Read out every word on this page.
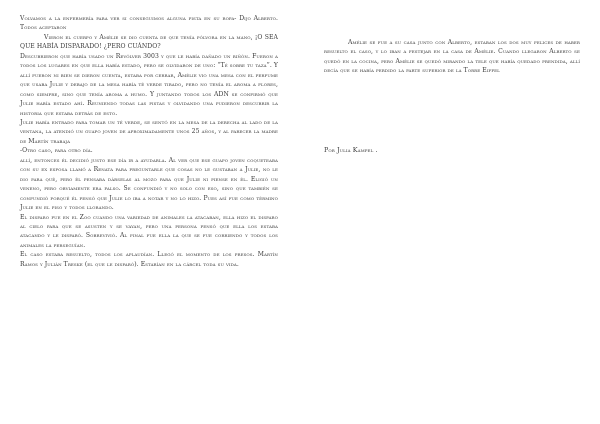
Volvamos a la enfermería para ver si conseguimos alguna pista en su ropa- Dijo Alberto. Todos aceptaron

Vieron el cuerpo y Amélie se dio cuenta de que tenía pólvora en la mano, ¡O SEA QUE HABÍA DISPARADO! ¿PERO CUÁNDO?

Descubrieron que había usado un Revólver 3003 y que le había dañado un riñón. Fueron a todos los lugares en que ella había estado, pero se olvidaron de uno: “Té sobre tu taza”. Y allí fueron ni bien se dieron cuenta, estaba por cerrar, Amélie vio una mesa con el perfume que usaba Julie y debajo de la mesa había té verde tirado, pero no tenía el aroma a flores, como siempre, sino que tenía aroma a humo. Y juntando todos los ADN se confirmó que Julie había estado ahí. Reuniendo todas las pistas y olvidando una pudieron descubrir la historia que estaba detrás de esto.

Julie había entrado para tomar un té verde, se sentó en la mesa de la derecha al lado de la ventana, la atendió un guapo joven de aproximadamente unos 25 años, y al parecer la madre de Martín trabaja

-Otro caso, para otro día.

allí, entonces él decidió justo ese día ir a ayudarla. Al ver que ese guapo joven coqueteaba con su ex esposa llamó a Renata para preguntarle que cosas no le gustaban a Julie, no le dio para qué, pero él pensaba dárselas al mozo para que Julie ni piense en él. Eligió un veneno, pero obviamente era falso. Se confundió y no solo con eso, sino que también se confundió porqué él pensó que Julie lo iba a notar y no lo hizo. Pues así fue como término Julie en el piso y todos llorando.

El disparo fue en el Zoo cuando una variedad de animales la atacaban, ella hizo el disparo al cielo para que se asusten y se vayan, pero una persona pensó que ella los estaba atacando y le disparó. Sobrevivió. Al final fue ella la que se fue corriendo y todos los animales la perseguían.

El caso estaba resuelto, todos los aplaudían. Llegó el momento de los presos. Martín Ramos y Julián Treske (el que le disparó). Estarían en la cárcel toda su vida.

Amélie se fue a su casa junto con Alberto, estaban los dos muy felices de haber resuelto el caso, y lo iban a festejar en la casa de Amélie. Cuando llegaron Alberto se quedó en la cocina, pero Amélie se quedó mirando la tele que había quedado prendida, allí decía que se había perdido la parte superior de la Torre Eiffel

Por Julia Kampel .
